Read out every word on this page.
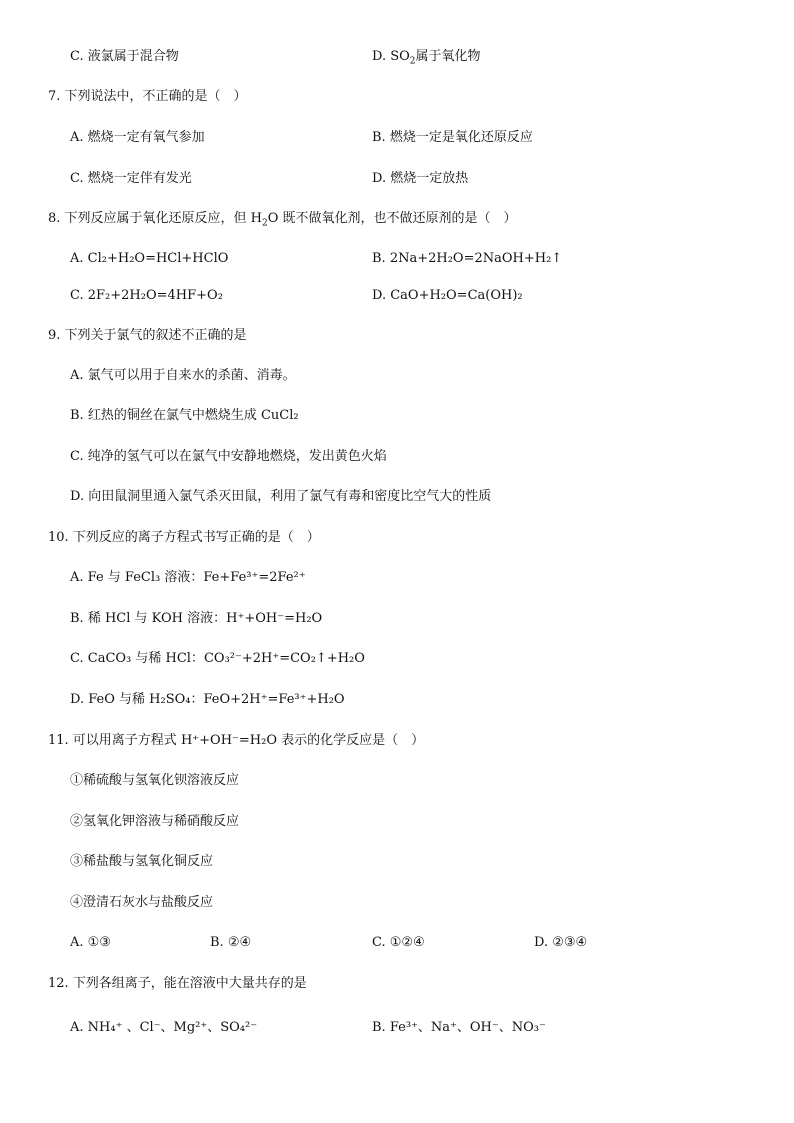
C. 液氯属于混合物	D. $SO_2$属于氧化物
7. 下列说法中，不正确的是（　）
A. 燃烧一定有氧气参加	B. 燃烧一定是氧化还原反应
C. 燃烧一定伴有发光	D. 燃烧一定放热
8. 下列反应属于氧化还原反应，但 $H_2O$ 既不做氧化剂，也不做还原剂的是（　）
A. Cl₂+H₂O=HCl+HClO	B. 2Na+2H₂O=2NaOH+H₂↑
C. 2F₂+2H₂O=4HF+O₂	D. CaO+H₂O=Ca(OH)₂
9. 下列关于氯气的叙述不正确的是
A. 氯气可以用于自来水的杀菌、消毒。
B. 红热的铜丝在氯气中燃烧生成 CuCl₂
C. 纯净的氢气可以在氯气中安静地燃烧，发出黄色火焰
D. 向田鼠洞里通入氯气杀灭田鼠，利用了氯气有毒和密度比空气大的性质
10. 下列反应的离子方程式书写正确的是（　）
A. Fe 与 FeCl₃ 溶液：Fe+Fe³⁺=2Fe²⁺
B. 稀 HCl 与 KOH 溶液：H⁺+OH⁻=H₂O
C. CaCO₃ 与稀 HCl：CO₃²⁻+2H⁺=CO₂↑+H₂O
D. FeO 与稀 H₂SO₄：FeO+2H⁺=Fe³⁺+H₂O
11. 可以用离子方程式 H⁺+OH⁻=H₂O 表示的化学反应是（　）
①稀硫酸与氢氧化钡溶液反应
②氢氧化钾溶液与稀硝酸反应
③稀盐酸与氢氧化铜反应
④澄清石灰水与盐酸反应
A. ①③	B. ②④	C. ①②④	D. ②③④
12. 下列各组离子，能在溶液中大量共存的是
A. NH₄⁺ 、Cl⁻、Mg²⁺、SO₄²⁻	B. Fe³⁺、Na⁺、OH⁻、NO₃⁻
